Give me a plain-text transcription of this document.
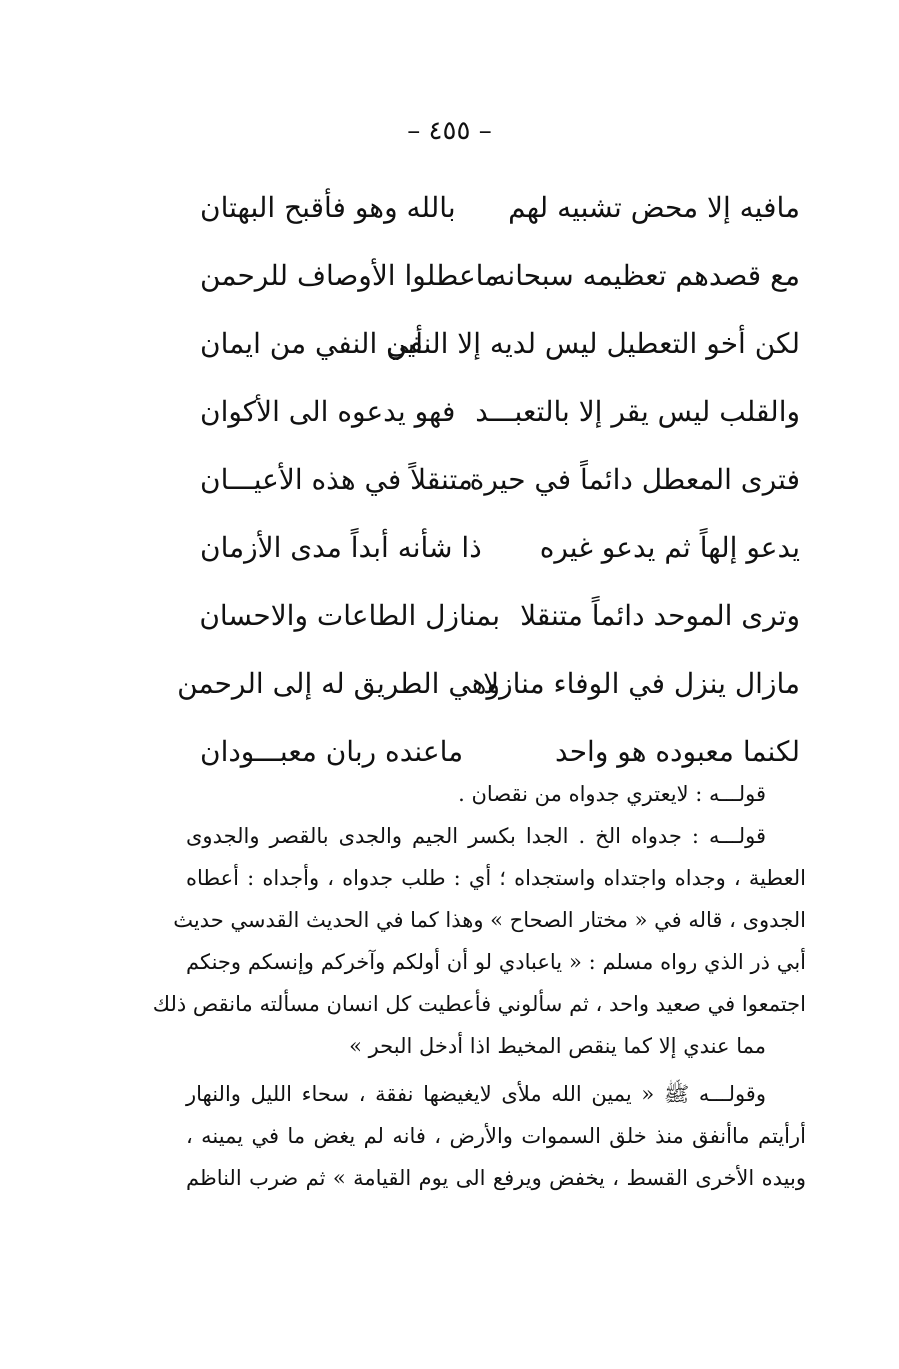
– ٤٥٥ –
مافيه إلا محض تشبيه لهم
بالله وهو فأقبح البهتان
مع قصدهم تعظيمه سبحانه
ماعطلوا الأوصاف للرحمن
لكن أخو التعطيل ليس لديه إلا النفي
أين النفي من ايمان
والقلب ليس يقر إلا بالتعبـــد
فهو يدعوه الى الأكوان
فترى المعطل دائماً في حيرة
متنقلاً في هذه الأعيـــان
يدعو إلهاً ثم يدعو غيره
ذا شأنه أبداً مدى الأزمان
وترى الموحد دائماً متنقلا
بمنازل الطاعات والاحسان
مازال ينزل في الوفاء منازلا
وهي الطريق له إلى الرحمن
لكنما معبوده هو واحد
ماعنده ربان معبـــودان
قولـــه : لايعتري جدواه من نقصان .
قولـــه : جدواه الخ . الجدا بكسر الجيم والجدى بالقصر والجدوى
العطية ، وجداه واجتداه واستجداه ؛ أي : طلب جدواه ، وأجداه : أعطاه
الجدوى ، قاله في « مختار الصحاح » وهذا كما في الحديث القدسي حديث
أبي ذر الذي رواه مسلم : « ياعبادي لو أن أولكم وآخركم وإنسكم وجنكم
اجتمعوا في صعيد واحد ، ثم سألوني فأعطيت كل انسان مسألته مانقص ذلك
مما عندي إلا كما ينقص المخيط اذا أدخل البحر »
وقولـــه ﷺ « يمين الله ملأى لايغيضها نفقة ، سحاء الليل والنهار
أرأيتم ماأنفق منذ خلق السموات والأرض ، فانه لم يغض ما في يمينه ،
وبيده الأخرى القسط ، يخفض ويرفع الى يوم القيامة » ثم ضرب الناظم
